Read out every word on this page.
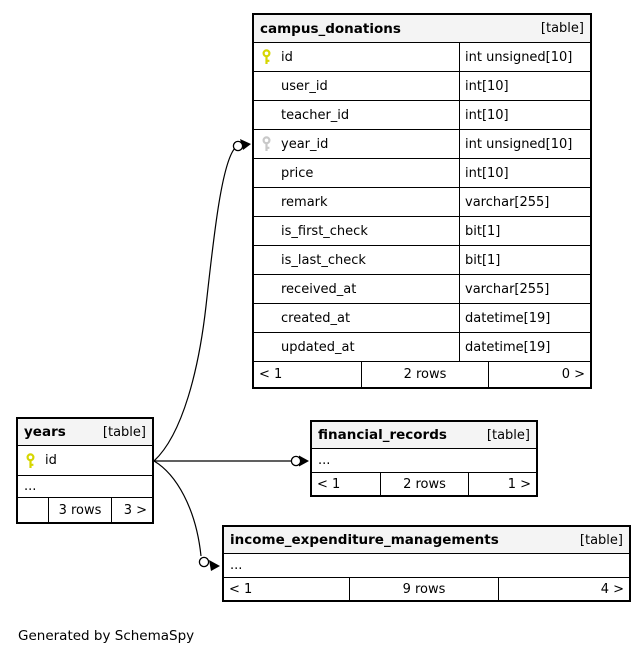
campus_donations	[table]
id	int unsigned[10]
user_id	int[10]
teacher_id	int[10]
year_id	int unsigned[10]
price	int[10]
remark	varchar[255]
is_first_check	bit[1]
is_last_check	bit[1]
received_at	varchar[255]
created_at	datetime[19]
updated_at	datetime[19]
< 1	2 rows	0 >
years	[table]
id
...
3 rows	3 >
financial_records	[table]
...
< 1	2 rows	1 >
income_expenditure_managements	[table]
...
< 1	9 rows	4 >
Generated by SchemaSpy
